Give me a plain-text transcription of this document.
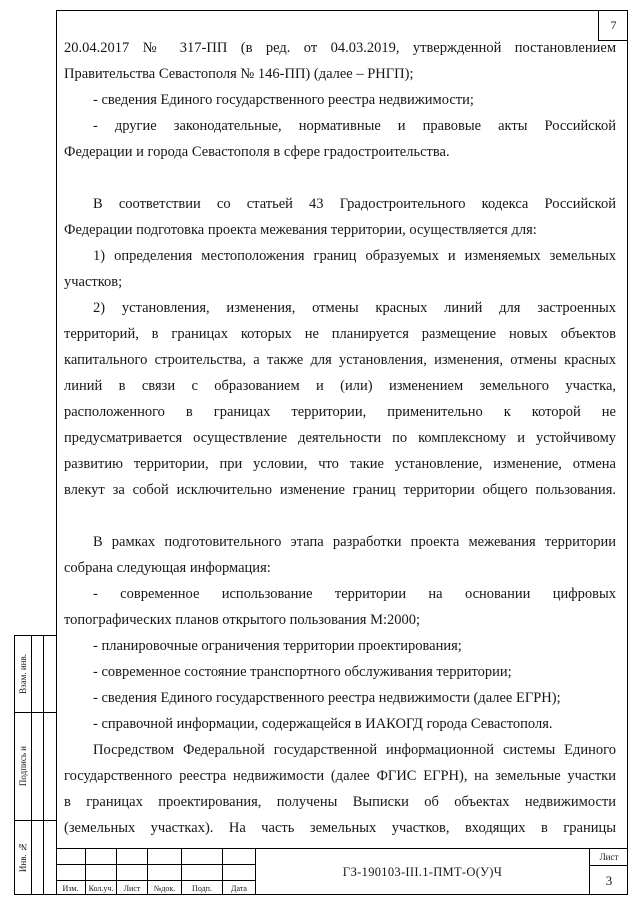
7
20.04.2017 № 317-ПП (в ред. от 04.03.2019, утвержденной постановлением
Правительства Севастополя № 146-ПП) (далее – РНГП);
- сведения Единого государственного реестра недвижимости;
- другие законодательные, нормативные и правовые акты Российской
Федерации и города Севастополя в сфере градостроительства.
В соответствии со статьей 43 Градостроительного кодекса Российской
Федерации подготовка проекта межевания территории, осуществляется для:
1) определения местоположения границ образуемых и изменяемых земельных
участков;
2) установления, изменения, отмены красных линий для застроенных
территорий, в границах которых не планируется размещение новых объектов
капитального строительства, а также для установления, изменения, отмены красных
линий в связи с образованием и (или) изменением земельного участка,
расположенного в границах территории, применительно к которой не
предусматривается осуществление деятельности по комплексному и устойчивому
развитию территории, при условии, что такие установление, изменение, отмена
влекут за собой исключительно изменение границ территории общего пользования.
В рамках подготовительного этапа разработки проекта межевания территории
собрана следующая информация:
- современное использование территории на основании цифровых
топографических планов открытого пользования М:2000;
- планировочные ограничения территории проектирования;
- современное состояние транспортного обслуживания территории;
- сведения Единого государственного реестра недвижимости (далее ЕГРН);
- справочной информации, содержащейся в ИАКОГД города Севастополя.
Посредством Федеральной государственной информационной системы Единого
государственного реестра недвижимости (далее ФГИС ЕГРН), на земельные участки
в границах проектирования, получены Выписки об объектах недвижимости
(земельных участках). На часть земельных участков, входящих в границы
Взам. инв.
Подпись и
Инв. №	ГЗ-190103-III.1-ПМТ-О(У)Ч
Лист
3
Изм.	Кол.уч.	Лист	№док.	Подп.	Дата
